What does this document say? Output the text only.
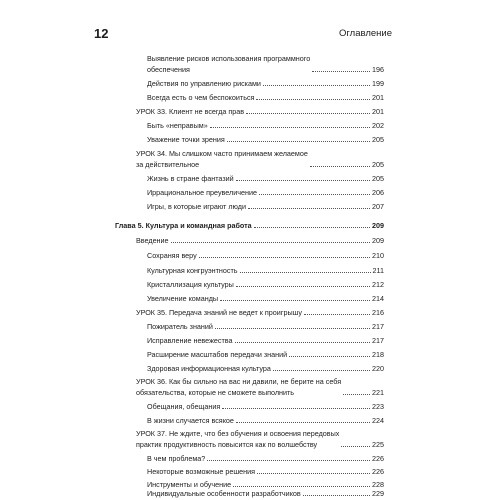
12	Оглавление
Выявление рисков использования программного
обеспечения	196
Действия по управлению рисками	199
Всегда есть о чем беспокоиться	201
УРОК 33. Клиент не всегда прав	201
Быть «неправым»	202
Уважение точки зрения	205
УРОК 34. Мы слишком часто принимаем желаемое
за действительное	205
Жизнь в стране фантазий	205
Иррациональное преувеличение	206
Игры, в которые играют люди	207
Глава 5. Культура и командная работа	209
Введение	209
Сохраняя веру	210
Культурная конгруэнтность	211
Кристаллизация культуры	212
Увеличение команды	214
УРОК 35. Передача знаний не ведет к проигрышу	216
Пожиратель знаний	217
Исправление невежества	217
Расширение масштабов передачи знаний	218
Здоровая информационная культура	220
УРОК 36. Как бы сильно на вас ни давили, не берите на себя
обязательства, которые не сможете выполнить	221
Обещания, обещания	223
В жизни случается всякое	224
УРОК 37. Не ждите, что без обучения и освоения передовых
практик продуктивность повысится как по волшебству	225
В чем проблема?	226
Некоторые возможные решения	226
Инструменты и обучение	228
Индивидуальные особенности разработчиков	229
